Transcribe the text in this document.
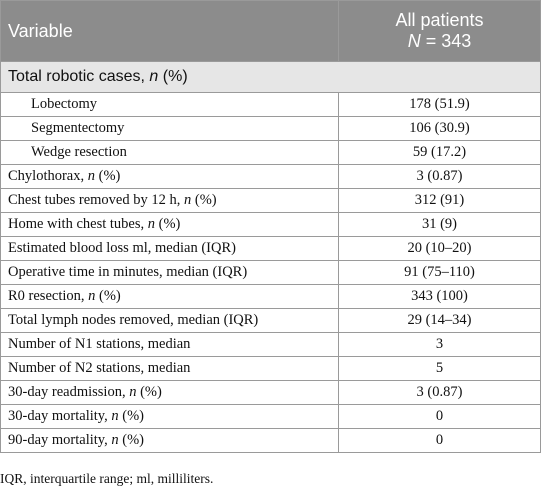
Variable	All patients
N = 343

Total robotic cases, n (%)	
Lobectomy	178 (51.9)
Segmentectomy	106 (30.9)
Wedge resection	59 (17.2)
Chylothorax, n (%)	3 (0.87)
Chest tubes removed by 12 h, n (%)	312 (91)
Home with chest tubes, n (%)	31 (9)
Estimated blood loss ml, median (IQR)	20 (10–20)
Operative time in minutes, median (IQR)	91 (75–110)
R0 resection, n (%)	343 (100)
Total lymph nodes removed, median (IQR)	29 (14–34)
Number of N1 stations, median	3
Number of N2 stations, median	5
30-day readmission, n (%)	3 (0.87)
30-day mortality, n (%)	0
90-day mortality, n (%)	0
IQR, interquartile range; ml, milliliters.
